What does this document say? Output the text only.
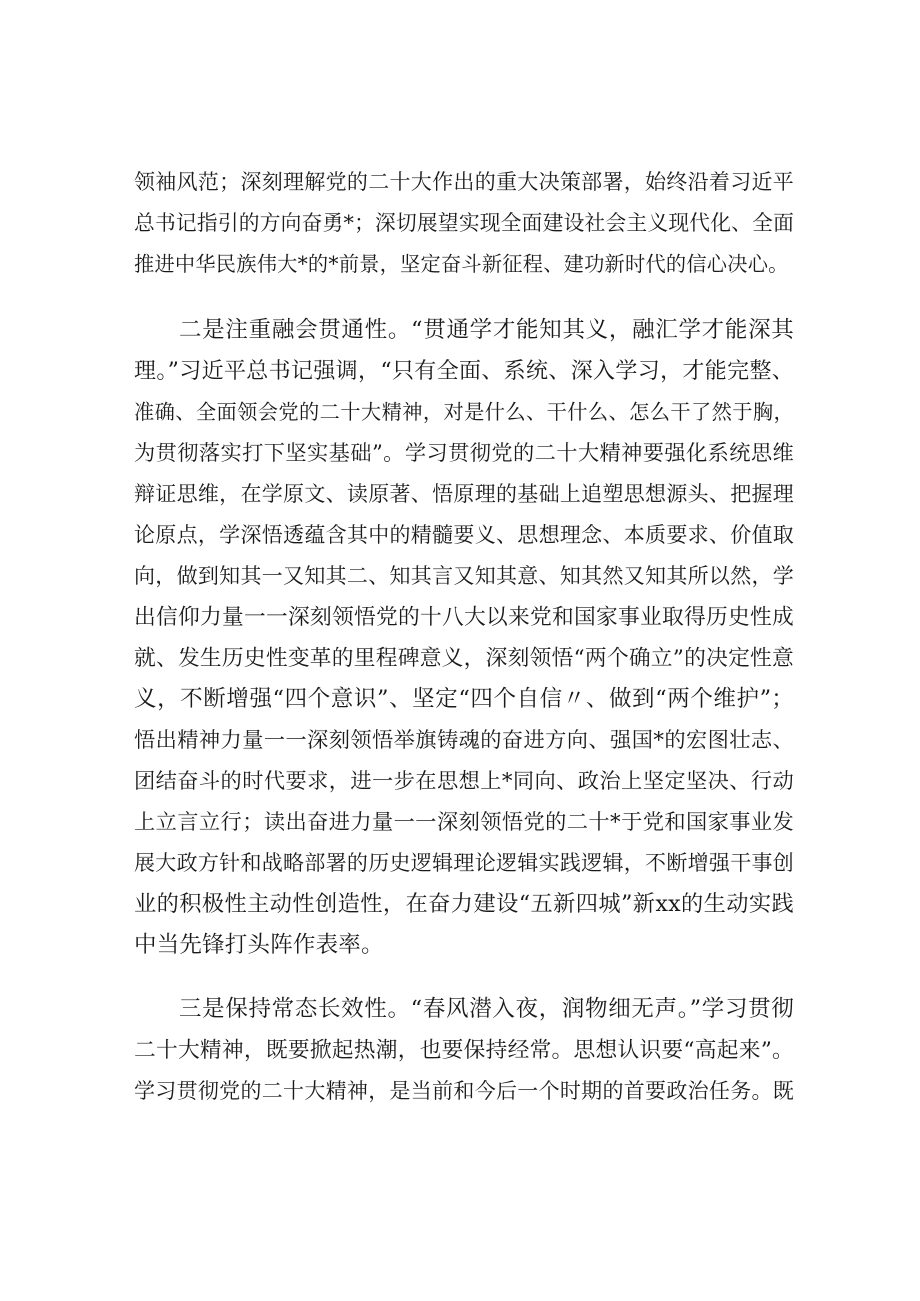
领袖风范；深刻理解党的二十大作出的重大决策部署，始终沿着习近平
总书记指引的方向奋勇*；深切展望实现全面建设社会主义现代化、全面
推进中华民族伟大*的*前景，坚定奋斗新征程、建功新时代的信心决心。
二是注重融会贯通性。“贯通学才能知其义，融汇学才能深其
理。”习近平总书记强调，“只有全面、系统、深入学习，才能完整、
准确、全面领会党的二十大精神，对是什么、干什么、怎么干了然于胸，
为贯彻落实打下坚实基础”。学习贯彻党的二十大精神要强化系统思维
辩证思维，在学原文、读原著、悟原理的基础上追塑思想源头、把握理
论原点，学深悟透蕴含其中的精髓要义、思想理念、本质要求、价值取
向，做到知其一又知其二、知其言又知其意、知其然又知其所以然，学
出信仰力量一一深刻领悟党的十八大以来党和国家事业取得历史性成
就、发生历史性变革的里程碑意义，深刻领悟“两个确立”的决定性意
义，不断增强“四个意识”、坚定“四个自信〃、做到“两个维护”；
悟出精神力量一一深刻领悟举旗铸魂的奋进方向、强国*的宏图壮志、
团结奋斗的时代要求，进一步在思想上*同向、政治上坚定坚决、行动
上立言立行；读出奋进力量一一深刻领悟党的二十*于党和国家事业发
展大政方针和战略部署的历史逻辑理论逻辑实践逻辑，不断增强干事创
业的积极性主动性创造性，在奋力建设“五新四城”新xx的生动实践
中当先锋打头阵作表率。
三是保持常态长效性。“春风潜入夜，润物细无声。”学习贯彻
二十大精神，既要掀起热潮，也要保持经常。思想认识要“高起来”。
学习贯彻党的二十大精神，是当前和今后一个时期的首要政治任务。既
